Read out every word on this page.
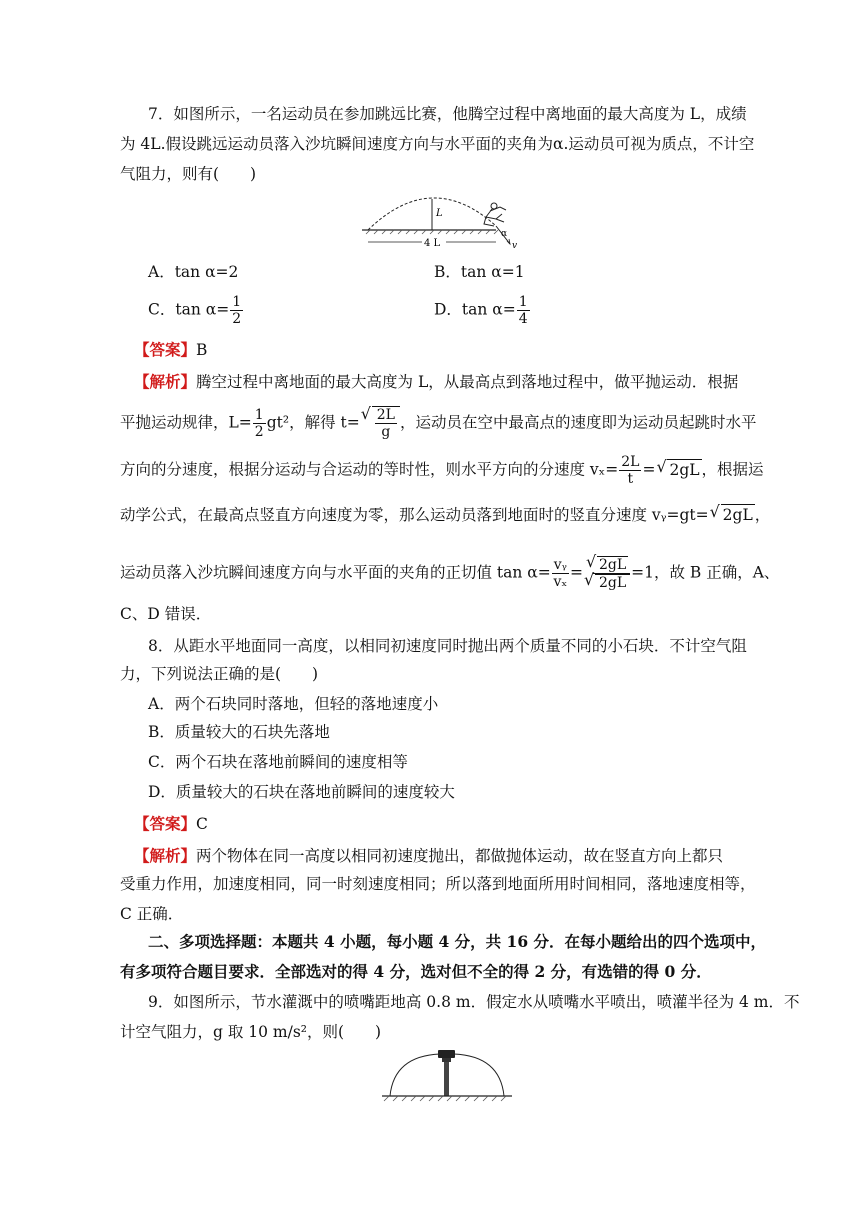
7．如图所示，一名运动员在参加跳远比赛，他腾空过程中离地面的最大高度为 L，成绩
为 4L.假设跳远运动员落入沙坑瞬间速度方向与水平面的夹角为α.运动员可视为质点，不计空
气阻力，则有(　　)
L
4 L
α
v
A．tan α=2	B．tan α=1
C．$\tan \alpha= \frac{1}{2}$	D．$\tan \alpha= \frac{1}{4}$
【答案】B
【解析】腾空过程中离地面的最大高度为 L，从最高点到落地过程中，做平抛运动．根据
平抛运动规律，$L= \frac{1}{2} gt^2$，解得 t= √ $\frac{2L}{g}$ ，运动员在空中最高点的速度即为运动员起跳时水平
方向的分速度，根据分运动与合运动的等时性，则水平方向的分速度 $v_x= \frac{2L}{t}$ = √ 2gL ，根据运
动学公式，在最高点竖直方向速度为零，那么运动员落到地面时的竖直分速度 vᵧ=gt= √ 2gL ，
运动员落入沙坑瞬间速度方向与水平面的夹角的正切值 $\tan \alpha= \frac{\text{vᵧ}}{\text{vₓ}}$ = √ 2gL
√ 2gL =1，故 B 正确，A、
C、D 错误．
8．从距水平地面同一高度，以相同初速度同时抛出两个质量不同的小石块．不计空气阻
力，下列说法正确的是(　　)
A．两个石块同时落地，但轻的落地速度小
B．质量较大的石块先落地
C．两个石块在落地前瞬间的速度相等
D．质量较大的石块在落地前瞬间的速度较大
【答案】C
【解析】两个物体在同一高度以相同初速度抛出，都做抛体运动，故在竖直方向上都只
受重力作用，加速度相同，同一时刻速度相同；所以落到地面所用时间相同，落地速度相等，
C 正确．
二、多项选择题：本题共 4 小题，每小题 4 分，共 16 分．在每小题给出的四个选项中，
有多项符合题目要求．全部选对的得 4 分，选对但不全的得 2 分，有选错的得 0 分．
9．如图所示，节水灌溉中的喷嘴距地高 0.8 m．假定水从喷嘴水平喷出，喷灌半径为 4 m．不
计空气阻力，g 取 10 m/s²，则(　　)
